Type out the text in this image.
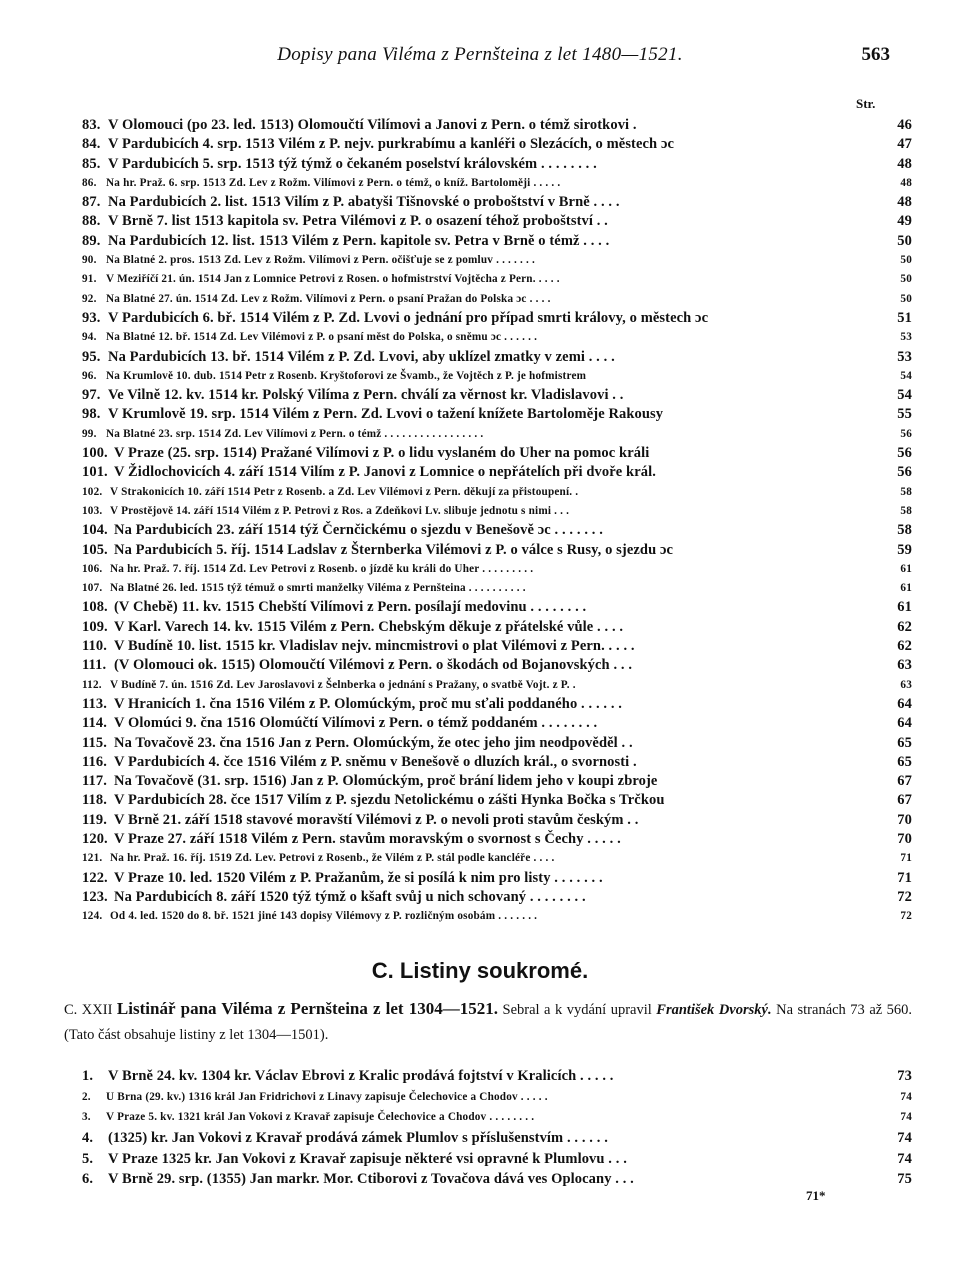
Dopisy pana Viléma z Pernšteina z let 1480—1521.	563
Str.
83. V Olomouci (po 23. led. 1513) Olomoučtí Vilímovi a Janovi z Pern. o témž sirotkovi .	46
84. V Pardubicích 4. srp. 1513 Vilém z P. nejv. purkrabímu a kanléři o Slezácích, o městech ɔc	47
85. V Pardubicích 5. srp. 1513 týž týmž o čekaném poselství královském . . . . . . . .	48
86. Na hr. Praž. 6. srp. 1513 Zd. Lev z Rožm. Vilímovi z Pern. o témž, o kníž. Bartoloměji . . . . .	48
87. Na Pardubicích 2. list. 1513 Vilím z P. abatyši Tišnovské o proboštství v Brně . . . .	48
88. V Brně 7. list 1513 kapitola sv. Petra Vilémovi z P. o osazení téhož proboštství . .	49
89. Na Pardubicích 12. list. 1513 Vilém z Pern. kapitole sv. Petra v Brně o témž . . . .	50
90. Na Blatné 2. pros. 1513 Zd. Lev z Rožm. Vilímovi z Pern. očišťuje se z pomluv . . . . . . .	50
91. V Meziříčí 21. ún. 1514 Jan z Lomnice Petrovi z Rosen. o hofmistrství Vojtěcha z Pern. . . . .	50
92. Na Blatné 27. ún. 1514 Zd. Lev z Rožm. Vilímovi z Pern. o psaní Pražan do Polska ɔc . . . .	50
93. V Pardubicích 6. bř. 1514 Vilém z P. Zd. Lvovi o jednání pro případ smrti královy, o městech ɔc	51
94. Na Blatné 12. bř. 1514 Zd. Lev Vilémovi z P. o psaní měst do Polska, o sněmu ɔc . . . . . .	53
95. Na Pardubicích 13. bř. 1514 Vilém z P. Zd. Lvovi, aby uklízel zmatky v zemi . . . .	53
96. Na Krumlově 10. dub. 1514 Petr z Rosenb. Kryštoforovi ze Švamb., že Vojtěch z P. je hofmistrem	54
97. Ve Vilně 12. kv. 1514 kr. Polský Vilíma z Pern. chválí za věrnost kr. Vladislavovi . .	54
98. V Krumlově 19. srp. 1514 Vilém z Pern. Zd. Lvovi o tažení knížete Bartoloměje Rakousy	55
99. Na Blatné 23. srp. 1514 Zd. Lev Vilímovi z Pern. o témž . . . . . . . . . . . . . . . . .	56
100. V Praze (25. srp. 1514) Pražané Vilímovi z P. o lidu vyslaném do Uher na pomoc králi	56
101. V Židlochovicích 4. září 1514 Vilím z P. Janovi z Lomnice o nepřátelích při dvoře král.	56
102. V Strakonicích 10. září 1514 Petr z Rosenb. a Zd. Lev Vilémovi z Pern. děkují za přistoupení. .	58
103. V Prostějově 14. září 1514 Vilém z P. Petrovi z Ros. a Zdeňkovi Lv. slibuje jednotu s nimi . . .	58
104. Na Pardubicích 23. září 1514 týž Černčickému o sjezdu v Benešově ɔc . . . . . . .	58
105. Na Pardubicích 5. říj. 1514 Ladslav z Šternberka Vilémovi z P. o válce s Rusy, o sjezdu ɔc	59
106. Na hr. Praž. 7. říj. 1514 Zd. Lev Petrovi z Rosenb. o jízdě ku králi do Uher . . . . . . . . .	61
107. Na Blatné 26. led. 1515 týž témuž o smrti manželky Viléma z Pernšteina . . . . . . . . . .	61
108. (V Chebě) 11. kv. 1515 Chebští Vilímovi z Pern. posílají medovinu . . . . . . . .	61
109. V Karl. Varech 14. kv. 1515 Vilém z Pern. Chebským děkuje z přátelské vůle . . . .	62
110. V Budíně 10. list. 1515 kr. Vladislav nejv. mincmistrovi o plat Vilémovi z Pern. . . . .	62
111. (V Olomouci ok. 1515) Olomoučtí Vilémovi z Pern. o škodách od Bojanovských . . .	63
112. V Budíně 7. ún. 1516 Zd. Lev Jaroslavovi z Šelnberka o jednání s Pražany, o svatbě Vojt. z P. .	63
113. V Hranicích 1. čna 1516 Vilém z P. Olomúckým, proč mu sťali poddaného . . . . . .	64
114. V Olomúci 9. čna 1516 Olomúčtí Vilímovi z Pern. o témž poddaném . . . . . . . .	64
115. Na Tovačově 23. čna 1516 Jan z Pern. Olomúckým, že otec jeho jim neodpověděl . .	65
116. V Pardubicích 4. čce 1516 Vilém z P. sněmu v Benešově o dluzích král., o svornosti .	65
117. Na Tovačově (31. srp. 1516) Jan z P. Olomúckým, proč brání lidem jeho v koupi zbroje	67
118. V Pardubicích 28. čce 1517 Vilím z P. sjezdu Netolickému o zášti Hynka Bočka s Trčkou	67
119. V Brně 21. září 1518 stavové moravští Vilémovi z P. o nevoli proti stavům českým . .	70
120. V Praze 27. září 1518 Vilém z Pern. stavům moravským o svornost s Čechy . . . . .	70
121. Na hr. Praž. 16. říj. 1519 Zd. Lev. Petrovi z Rosenb., že Vilém z P. stál podle kancléře . . . .	71
122. V Praze 10. led. 1520 Vilém z P. Pražanům, že si posílá k nim pro listy . . . . . . .	71
123. Na Pardubicích 8. září 1520 týž týmž o kšaft svůj u nich schovaný . . . . . . . .	72
124. Od 4. led. 1520 do 8. bř. 1521 jiné 143 dopisy Vilémovy z P. rozličným osobám . . . . . . .	72
C. Listiny soukromé.
C. XXII Listinář pana Viléma z Pernšteina z let 1304—1521. Sebral a k vydání upravil František Dvorský. Na stranách 73 až 560. (Tato část obsahuje listiny z let 1304—1501).
1. V Brně 24. kv. 1304 kr. Václav Ebrovi z Kralic prodává fojtství v Kralicích . . . . .	73
2. U Brna (29. kv.) 1316 král Jan Fridrichovi z Linavy zapisuje Čelechovice a Chodov . . . . .	74
3. V Praze 5. kv. 1321 král Jan Vokovi z Kravař zapisuje Čelechovice a Chodov . . . . . . . .	74
4. (1325) kr. Jan Vokovi z Kravař prodává zámek Plumlov s příslušenstvím . . . . . .	74
5. V Praze 1325 kr. Jan Vokovi z Kravař zapisuje některé vsi opravné k Plumlovu . . .	74
6. V Brně 29. srp. (1355) Jan markr. Mor. Ctiborovi z Tovačova dává ves Oplocany . . .	75
71*
